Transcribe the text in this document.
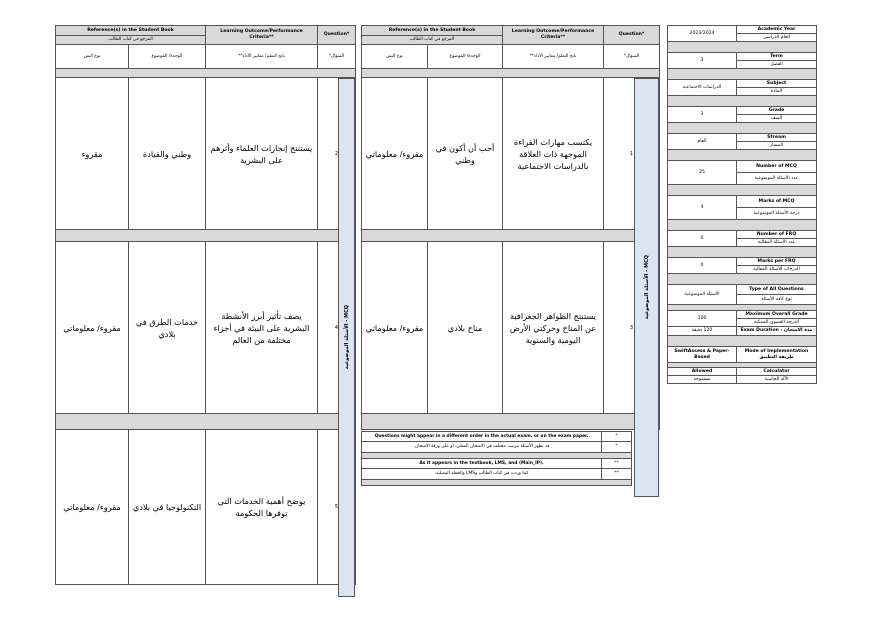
Reference(s) in the Student Book		Learning Outcome/Performance Criteria**	Question*
المرجع في كتاب الطالب			
نوع النص	الوحدة/ الموضوع	ناتج التعلم/ معايير الأداء**	السؤال*

مقروء	وطني والقيادة	يستنتج إنجازات العلماء وأثرهم على البشرية	2

مقروء/ معلوماتي	خدمات الطرق في بلادي	يصف تأثير أبرز الأنشطة البشرية على البيئة في أجزاء مختلفة من العالم	4

مقروء/ معلوماتي	التكنولوجيا في بلادي	يوضح أهمية الخدمات التي توفرها الحكومة	5
MCQ - الأسئلة الموضوعية
Reference(s) in the Student Book		Learning Outcome/Performance Criteria**	Question*
المرجع في كتاب الطالب			
نوع النص	الوحدة/ الموضوع	ناتج التعلم/ معايير الأداء**	السؤال*

مقروء/ معلوماتي	أحب أن أكون في وطني	يكتسب مهارات القراءة الموجهة ذات العلاقة بالدراسات الاجتماعية	1

مقروء/ معلوماتي	مناخ بلادي	يستنتج الظواهر الجغرافية عن المناخ وحركتي الأرض اليومية والسنوية	3

Questions might appear in a different order in the actual exam, or on the exam paper.	*
قد تظهر الأسئلة بترتيب مختلف في الامتحان الفعلي، أو على ورقة الامتحان.	*

As it appears in the textbook, LMS, and (Main_IP).	**
كما وردت في كتاب الطالب وLMS والخطة الفصلية.	**

MCQ - الأسئلة الموضوعية
2023/2024	Academic Year
	العام الدراسي

3	Term
	الفصل

الدراسات الاجتماعية	Subject
	المادة

3	Grade
	الصف

العام	Stream
	المسار

25	Number of MCQ
	عدد الأسئلة الموضوعية

4	Marks of MCQ
	درجة الأسئلة الموضوعية

0	Number of FRQ
	عدد الأسئلة المقالية

0	Marks per FRQ
	الدرجات للأسئلة المقالية

الأسئلة الموضوعية	Type of All Questions
	نوع كافة الأسئلة

100	Maximum Overall Grade
	الدرجة القصوى الممكنة
120 دقيقة	Exam Duration - مدة الامتحان

SwiftAssess & Paper-Based	Mode of Implementation طريقة التطبيق

Allowed	Calculator
مسموحة	الآلة الحاسبة
